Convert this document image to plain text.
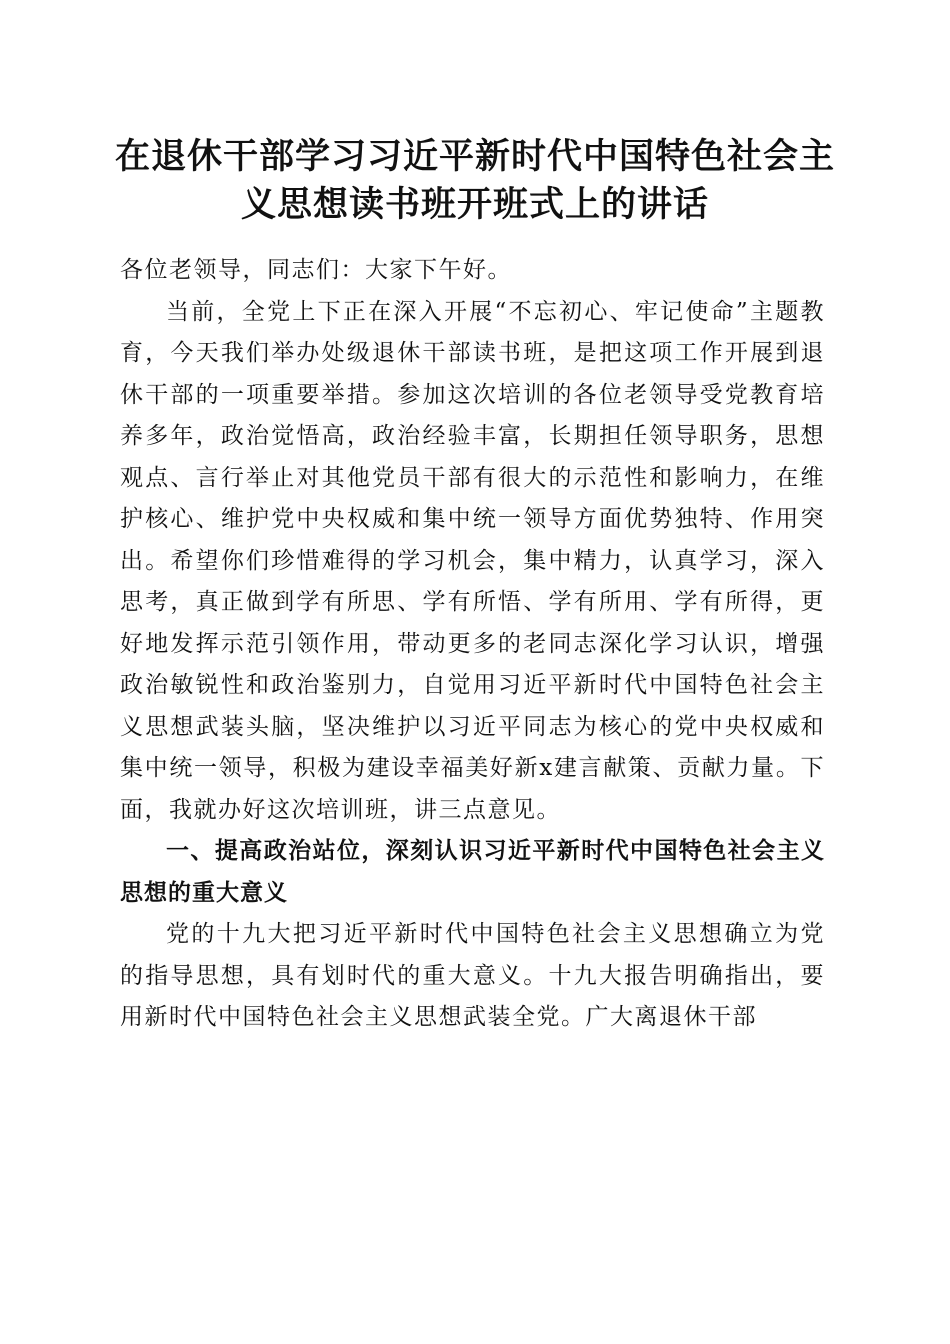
在退休干部学习习近平新时代中国特色社会主
义思想读书班开班式上的讲话

各位老领导，同志们：大家下午好。

当前，全党上下正在深入开展“不忘初心、牢记使命”主题教育，今天我们举办处级退休干部读书班，是把这项工作开展到退休干部的一项重要举措。参加这次培训的各位老领导受党教育培养多年，政治觉悟高，政治经验丰富，长期担任领导职务，思想观点、言行举止对其他党员干部有很大的示范性和影响力，在维护核心、维护党中央权威和集中统一领导方面优势独特、作用突出。希望你们珍惜难得的学习机会，集中精力，认真学习，深入思考，真正做到学有所思、学有所悟、学有所用、学有所得，更好地发挥示范引领作用，带动更多的老同志深化学习认识，增强政治敏锐性和政治鉴别力，自觉用习近平新时代中国特色社会主义思想武装头脑，坚决维护以习近平同志为核心的党中央权威和集中统一领导，积极为建设幸福美好新x建言献策、贡献力量。下面，我就办好这次培训班，讲三点意见。

一、提高政治站位，深刻认识习近平新时代中国特色社会主义思想的重大意义

党的十九大把习近平新时代中国特色社会主义思想确立为党的指导思想，具有划时代的重大意义。十九大报告明确指出，要用新时代中国特色社会主义思想武装全党。广大离退休干部
